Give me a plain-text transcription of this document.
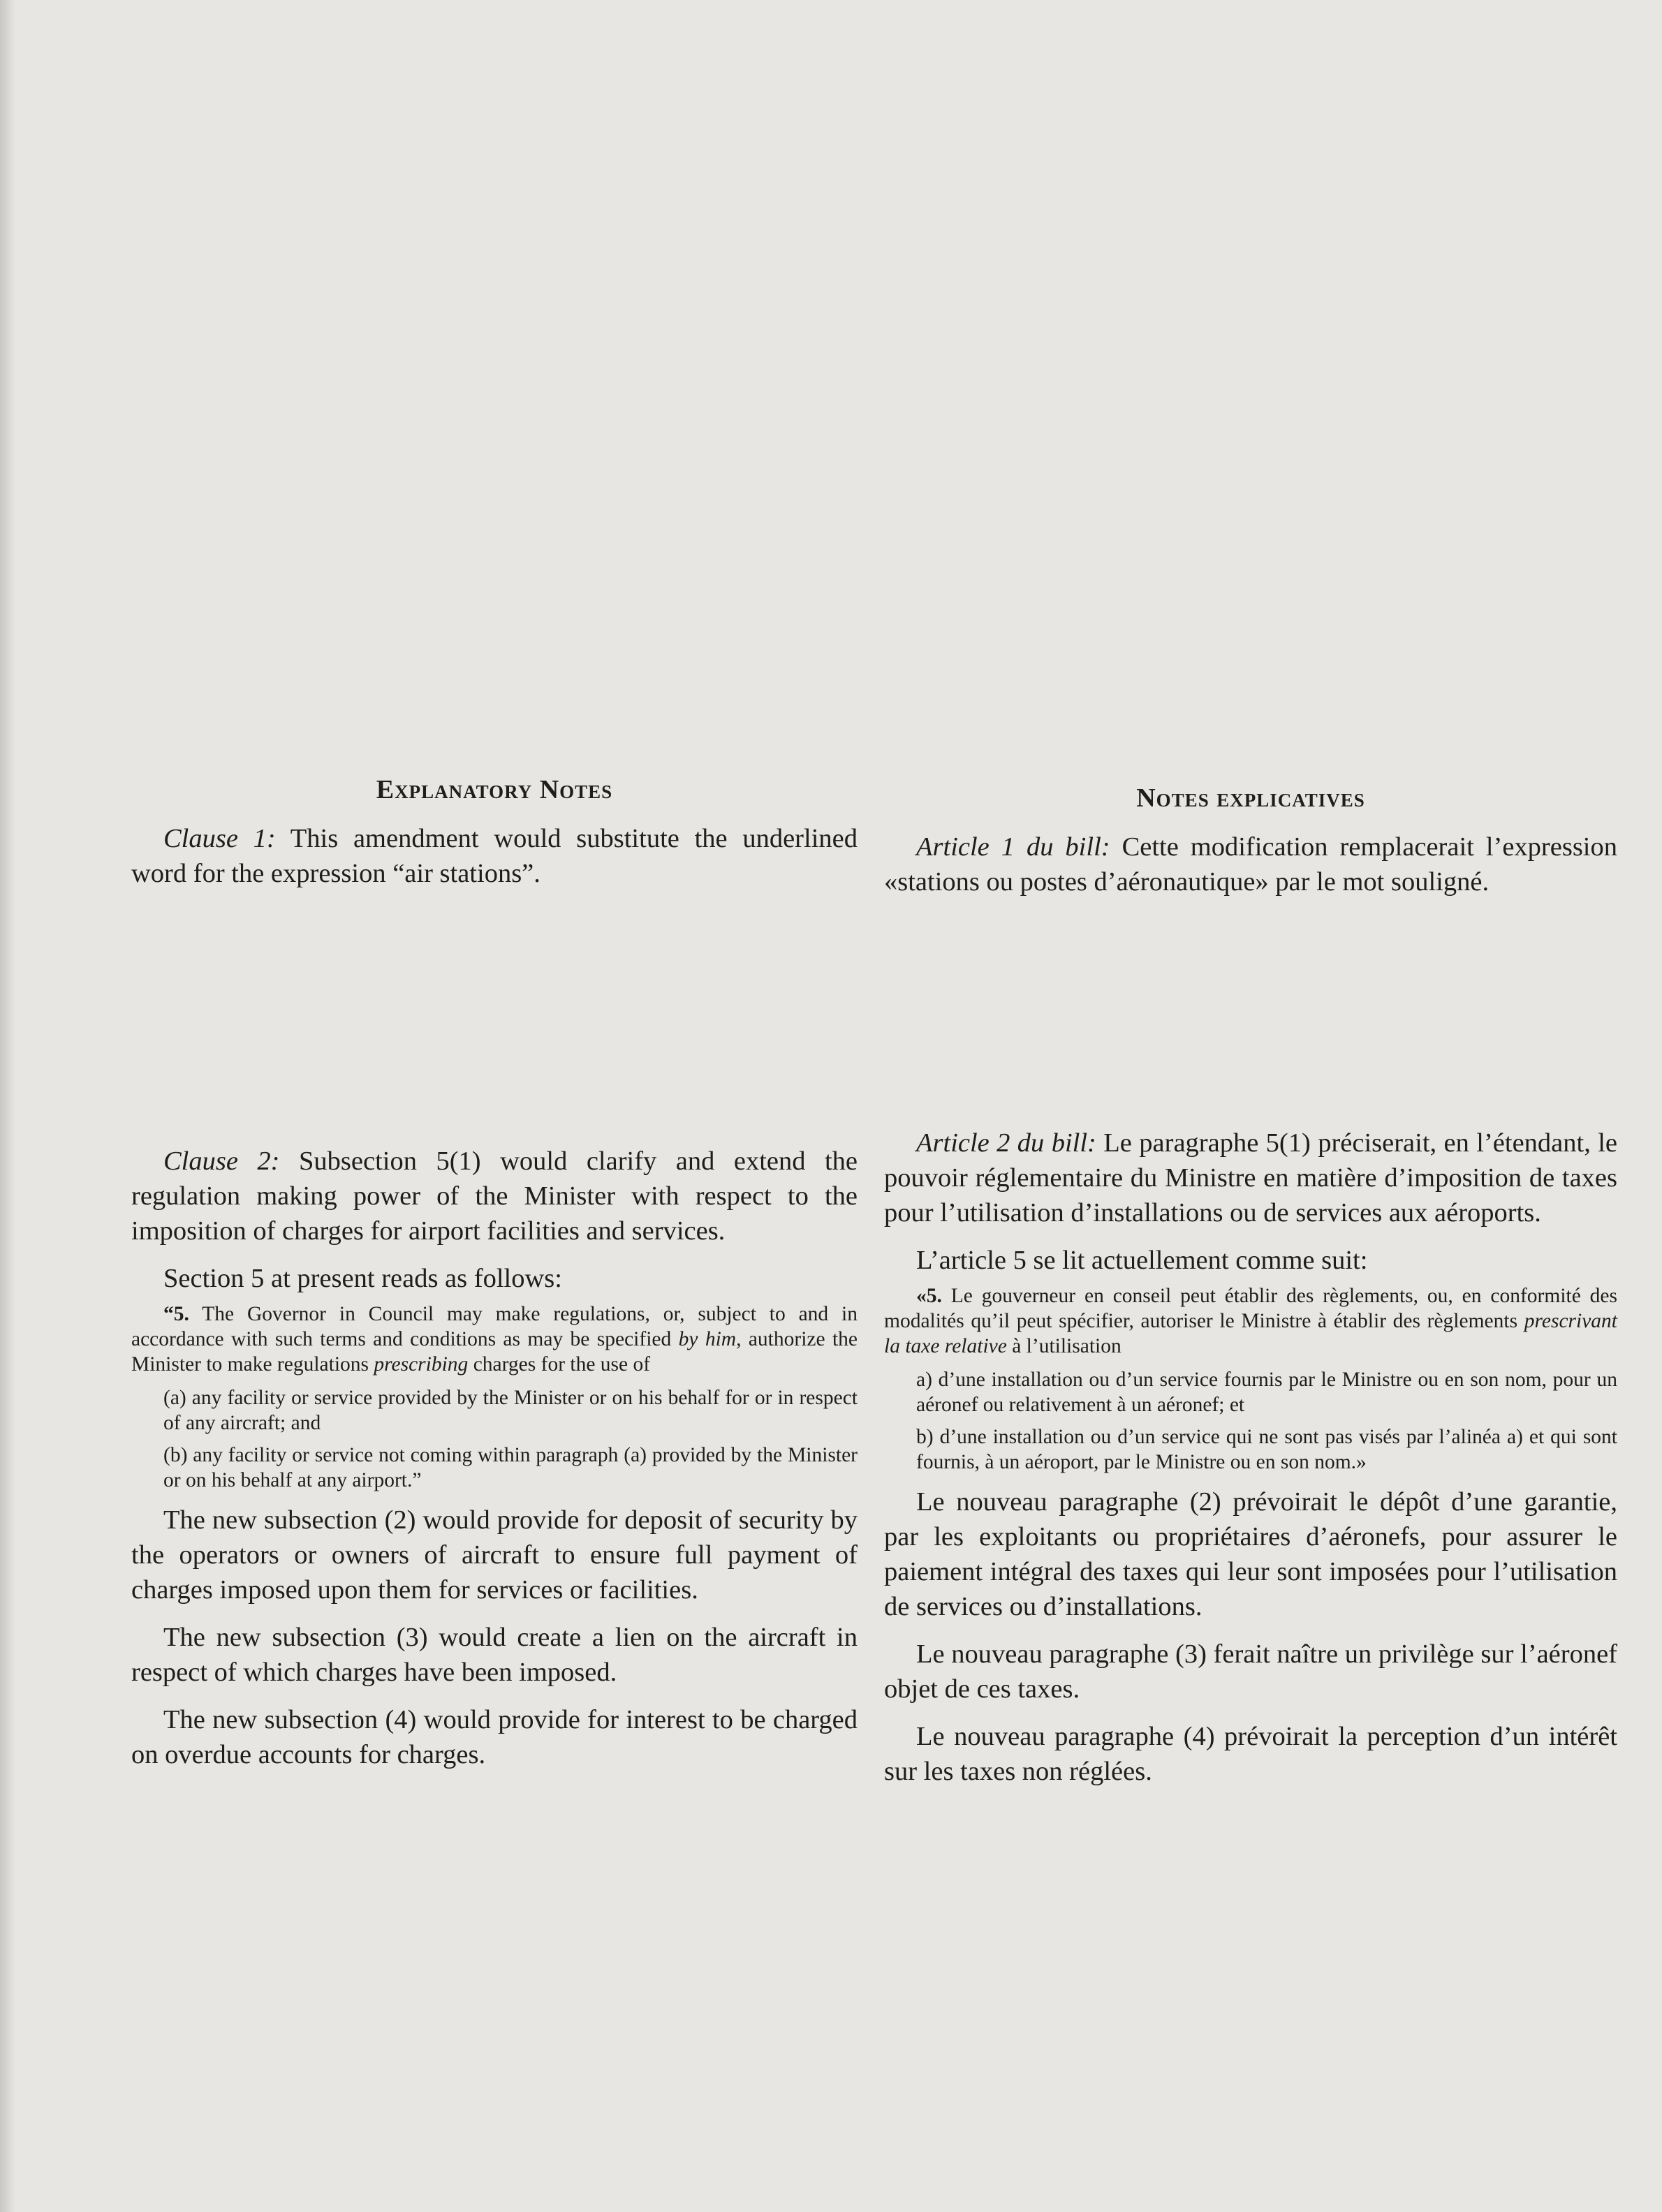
Explanatory Notes

Clause 1: This amendment would substitute the underlined word for the expression “air stations”.

Clause 2: Subsection 5(1) would clarify and extend the regulation making power of the Minister with respect to the imposition of charges for airport facilities and services.

Section 5 at present reads as follows:

“5. The Governor in Council may make regulations, or, subject to and in accordance with such terms and conditions as may be specified by him, authorize the Minister to make regulations prescribing charges for the use of

(a) any facility or service provided by the Minister or on his behalf for or in respect of any aircraft; and

(b) any facility or service not coming within paragraph (a) provided by the Minister or on his behalf at any airport.”

The new subsection (2) would provide for deposit of security by the operators or owners of aircraft to ensure full payment of charges imposed upon them for services or facilities.

The new subsection (3) would create a lien on the aircraft in respect of which charges have been imposed.

The new subsection (4) would provide for interest to be charged on overdue accounts for charges.

Notes explicatives

Article 1 du bill: Cette modification remplacerait l’expression «stations ou postes d’aéronautique» par le mot souligné.

Article 2 du bill: Le paragraphe 5(1) préciserait, en l’étendant, le pouvoir réglementaire du Ministre en matière d’imposition de taxes pour l’utilisation d’installations ou de services aux aéroports.

L’article 5 se lit actuellement comme suit:

«5. Le gouverneur en conseil peut établir des règlements, ou, en conformité des modalités qu’il peut spécifier, autoriser le Ministre à établir des règlements prescrivant la taxe relative à l’utilisation

a) d’une installation ou d’un service fournis par le Ministre ou en son nom, pour un aéronef ou relativement à un aéronef; et

b) d’une installation ou d’un service qui ne sont pas visés par l’alinéa a) et qui sont fournis, à un aéroport, par le Ministre ou en son nom.»

Le nouveau paragraphe (2) prévoirait le dépôt d’une garantie, par les exploitants ou propriétaires d’aéronefs, pour assurer le paiement intégral des taxes qui leur sont imposées pour l’utilisation de services ou d’installations.

Le nouveau paragraphe (3) ferait naître un privilège sur l’aéronef objet de ces taxes.

Le nouveau paragraphe (4) prévoirait la perception d’un intérêt sur les taxes non réglées.
